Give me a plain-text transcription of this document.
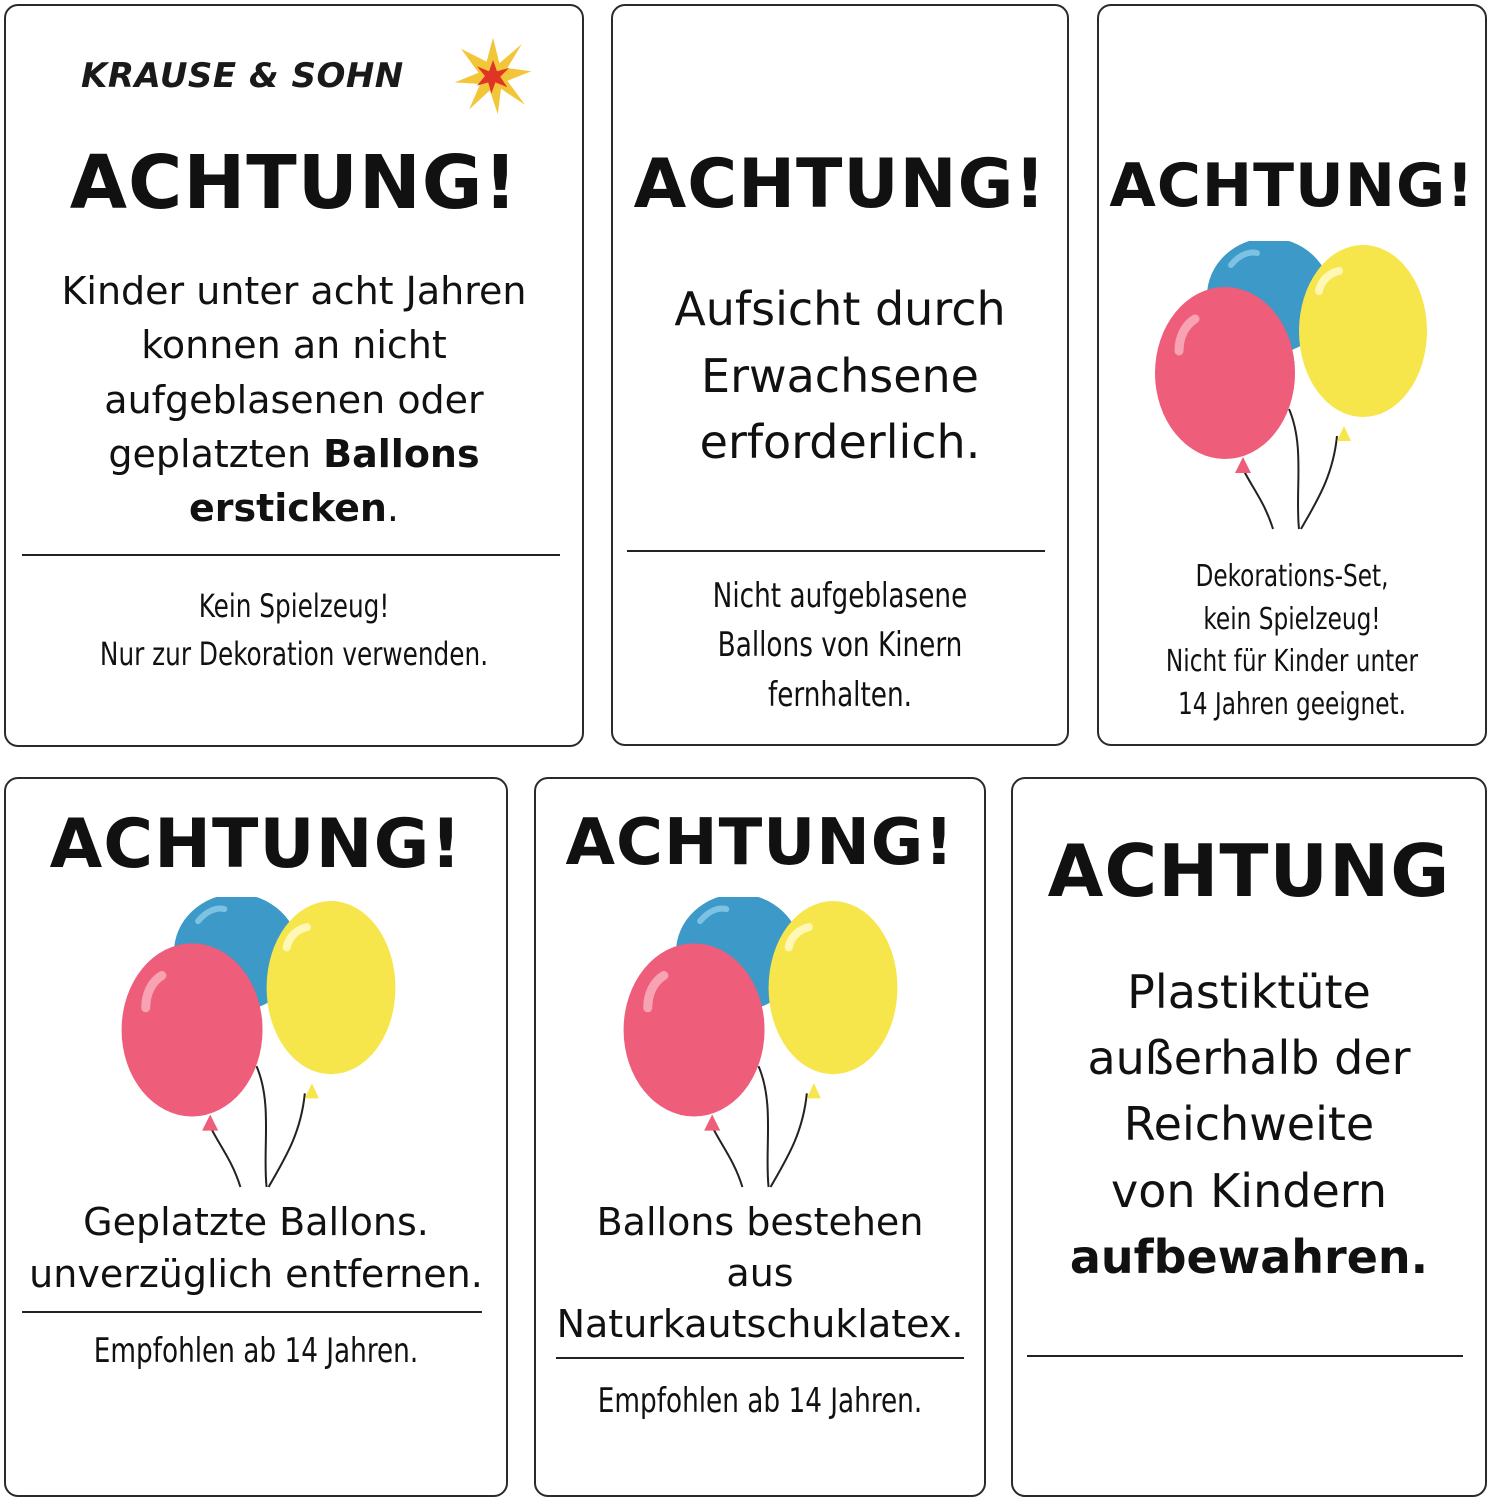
KRAUSE & SOHN
ACHTUNG!
Kinder unter acht Jahren
konnen an nicht
aufgeblasenen oder
geplatzten Ballons
ersticken.
Kein Spielzeug!
Nur zur Dekoration verwenden.
ACHTUNG!
Aufsicht durch
Erwachsene
erforderlich.
Nicht aufgeblasene
Ballons von Kinern
fernhalten.
ACHTUNG!
Dekorations-Set,
kein Spielzeug!
Nicht für Kinder unter
14 Jahren geeignet.
ACHTUNG!
Geplatzte Ballons.
unverzüglich entfernen.
Empfohlen ab 14 Jahren.
ACHTUNG!
Ballons bestehen
aus
Naturkautschuklatex.
Empfohlen ab 14 Jahren.
ACHTUNG
Plastiktüte
außerhalb der
Reichweite
von Kindern
aufbewahren.
